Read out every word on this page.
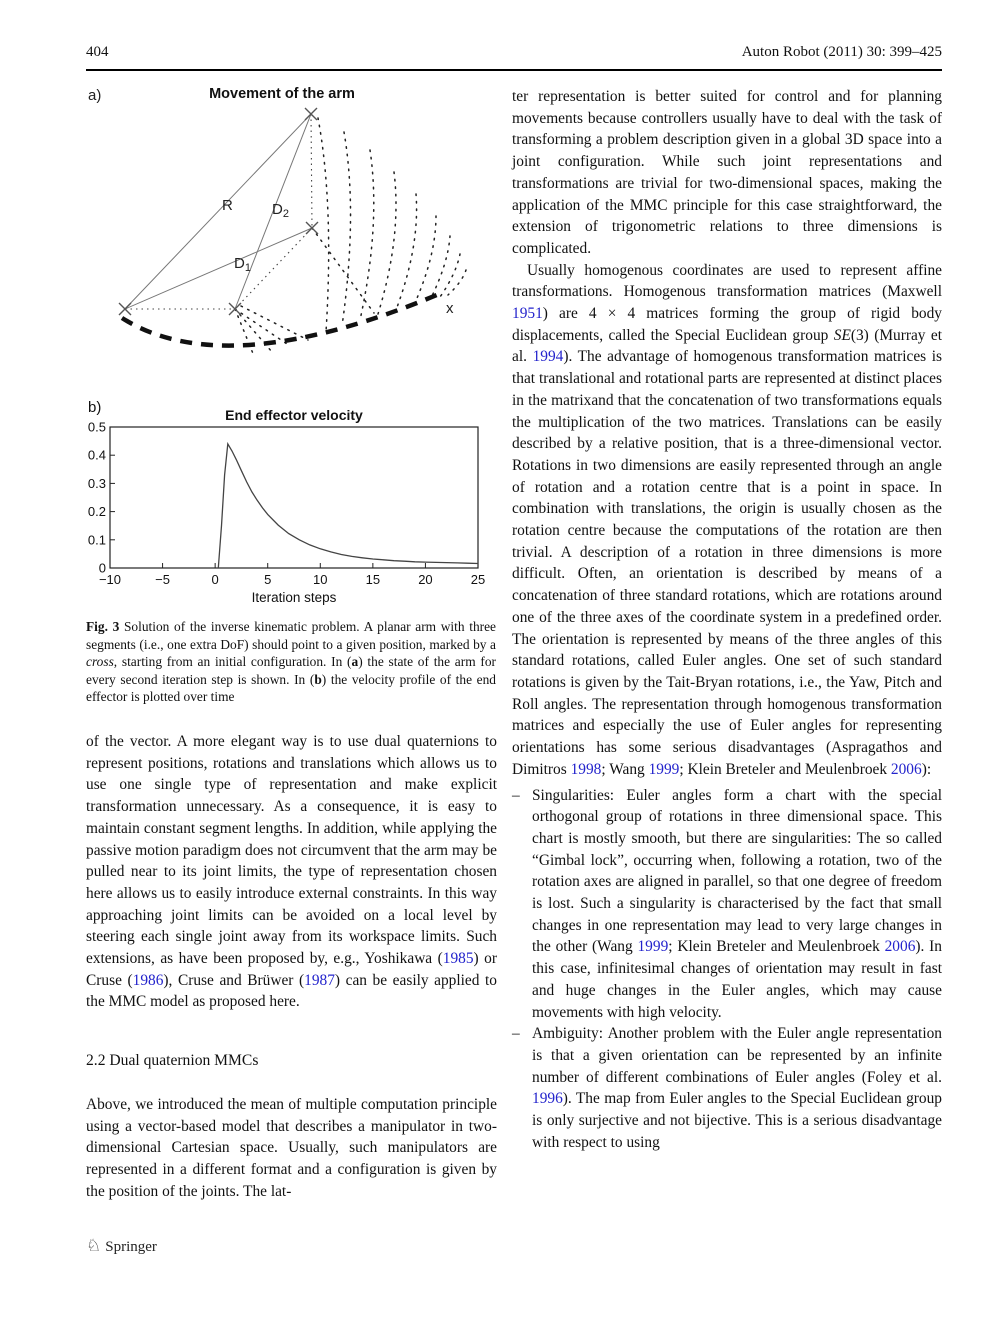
404	Auton Robot (2011) 30: 399–425
a)	Movement of the arm
R	$D_2$
$D_1$
x
b)
−10	−5	0	5	10	15	20	25
0
0.1
0.2
0.3
0.4
0.5
End effector velocity
Iteration steps
Fig. 3 Solution of the inverse kinematic problem. A planar arm with three segments (i.e., one extra DoF) should point to a given position, marked by a cross, starting from an initial configuration. In (a) the state of the arm for every second iteration step is shown. In (b) the velocity profile of the end effector is plotted over time
of the vector. A more elegant way is to use dual quaternions to represent positions, rotations and translations which allows us to use one single type of representation and make explicit transformation unnecessary. As a consequence, it is easy to maintain constant segment lengths. In addition, while applying the passive motion paradigm does not circumvent that the arm may be pulled near to its joint limits, the type of representation chosen here allows us to easily introduce external constraints. In this way approaching joint limits can be avoided on a local level by steering each single joint away from its workspace limits. Such extensions, as have been proposed by, e.g., Yoshikawa (1985) or Cruse (1986), Cruse and Brüwer (1987) can be easily applied to the MMC model as proposed here.
2.2 Dual quaternion MMCs
Above, we introduced the mean of multiple computation principle using a vector-based model that describes a manipulator in two-dimensional Cartesian space. Usually, such manipulators are represented in a different format and a configuration is given by the position of the joints. The lat-
ter representation is better suited for control and for planning movements because controllers usually have to deal with the task of transforming a problem description given in a global 3D space into a joint configuration. While such joint representations and transformations are trivial for two-dimensional spaces, making the application of the MMC principle for this case straightforward, the extension of trigonometric relations to three dimensions is complicated.
Usually homogenous coordinates are used to represent affine transformations. Homogenous transformation matrices (Maxwell 1951) are 4 × 4 matrices forming the group of rigid body displacements, called the Special Euclidean group SE(3) (Murray et al. 1994). The advantage of homogenous transformation matrices is that translational and rotational parts are represented at distinct places in the matrixand that the concatenation of two transformations equals the multiplication of the two matrices. Translations can be easily described by a relative position, that is a three-dimensional vector. Rotations in two dimensions are easily represented through an angle of rotation and a rotation centre that is a point in space. In combination with translations, the origin is usually chosen as the rotation centre because the computations of the rotation are then trivial. A description of a rotation in three dimensions is more difficult. Often, an orientation is described by means of a concatenation of three standard rotations, which are rotations around one of the three axes of the coordinate system in a predefined order. The orientation is represented by means of the three angles of this standard rotations, called Euler angles. One set of such standard rotations is given by the Tait-Bryan rotations, i.e., the Yaw, Pitch and Roll angles. The representation through homogenous transformation matrices and especially the use of Euler angles for representing orientations has some serious disadvantages (Aspragathos and Dimitros 1998; Wang 1999; Klein Breteler and Meulenbroek 2006):
– Singularities: Euler angles form a chart with the special orthogonal group of rotations in three dimensional space. This chart is mostly smooth, but there are singularities: The so called “Gimbal lock”, occurring when, following a rotation, two of the rotation axes are aligned in parallel, so that one degree of freedom is lost. Such a singularity is characterised by the fact that small changes in one representation may lead to very large changes in the other (Wang 1999; Klein Breteler and Meulenbroek 2006). In this case, infinitesimal changes of orientation may result in fast and huge changes in the Euler angles, which may cause movements with high velocity.
– Ambiguity: Another problem with the Euler angle representation is that a given orientation can be represented by an infinite number of different combinations of Euler angles (Foley et al. 1996). The map from Euler angles to the Special Euclidean group is only surjective and not bijective. This is a serious disadvantage with respect to using
♘ Springer
